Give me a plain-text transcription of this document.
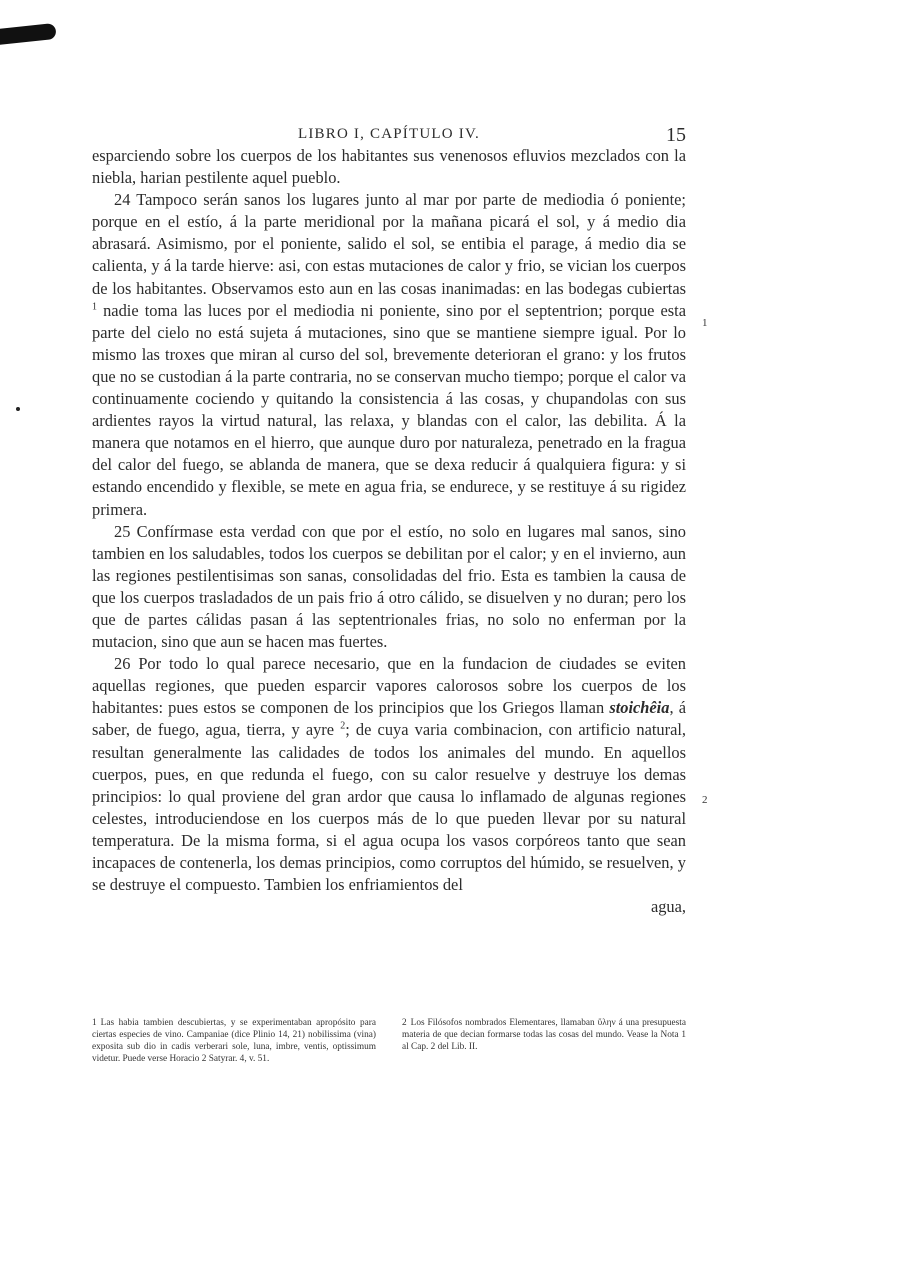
LIBRO I, CAPÍTULO IV.	15

esparciendo sobre los cuerpos de los habitantes sus venenosos efluvios mezclados con la niebla, harian pestilente aquel pueblo.

24 Tampoco serán sanos los lugares junto al mar por parte de mediodia ó poniente; porque en el estío, á la parte meridional por la mañana picará el sol, y á medio dia abrasará. Asimismo, por el poniente, salido el sol, se entibia el parage, á medio dia se calienta, y á la tarde hierve: asi, con estas mutaciones de calor y frio, se vician los cuerpos de los habitantes. Observamos esto aun en las cosas inanimadas: en las bodegas cubiertas $^1$ nadie toma las luces por el mediodia ni poniente, sino por el septentrion; porque esta parte del cielo no está sujeta á mutaciones, sino que se mantiene siempre igual. Por lo mismo las troxes que miran al curso del sol, brevemente deterioran el grano: y los frutos que no se custodian á la parte contraria, no se conservan mucho tiempo; porque el calor va continuamente cociendo y quitando la consistencia á las cosas, y chupandolas con sus ardientes rayos la virtud natural, las relaxa, y blandas con el calor, las debilita. Á la manera que notamos en el hierro, que aunque duro por naturaleza, penetrado en la fragua del calor del fuego, se ablanda de manera, que se dexa reducir á qualquiera figura: y si estando encendido y flexible, se mete en agua fria, se endurece, y se restituye á su rigidez primera.

25 Confírmase esta verdad con que por el estío, no solo en lugares mal sanos, sino tambien en los saludables, todos los cuerpos se debilitan por el calor; y en el invierno, aun las regiones pestilentisimas son sanas, consolidadas del frio. Esta es tambien la causa de que los cuerpos trasladados de un pais frio á otro cálido, se disuelven y no duran; pero los que de partes cálidas pasan á las septentrionales frias, no solo no enferman por la mutacion, sino que aun se hacen mas fuertes.

26 Por todo lo qual parece necesario, que en la fundacion de ciudades se eviten aquellas regiones, que pueden esparcir vapores calorosos sobre los cuerpos de los habitantes: pues estos se componen de los principios que los Griegos llaman stoichêia, á saber, de fuego, agua, tierra, y ayre $^2$; de cuya varia combinacion, con artificio natural, resultan generalmente las calidades de todos los animales del mundo. En aquellos cuerpos, pues, en que redunda el fuego, con su calor resuelve y destruye los demas principios: lo qual proviene del gran ardor que causa lo inflamado de algunas regiones celestes, introduciendose en los cuerpos más de lo que pueden llevar por su natural temperatura. De la misma forma, si el agua ocupa los vasos corpóreos tanto que sean incapaces de contenerla, los demas principios, como corruptos del húmido, se resuelven, y se destruye el compuesto. Tambien los enfriamientos del

agua,

1
2

1 Las habia tambien descubiertas, y se experimentaban apropósito para ciertas especies de vino. Campaniae (dice Plinio 14, 21) nobilissima (vina) exposita sub dio in cadis verberari sole, luna, imbre, ventis, optissimum videtur. Puede verse Horacio 2 Satyrar. 4, v. 51.

2 Los Filósofos nombrados Elementares, llamaban ὕλην á una presupuesta materia de que decian formarse todas las cosas del mundo. Vease la Nota 1 al Cap. 2 del Lib. II.
